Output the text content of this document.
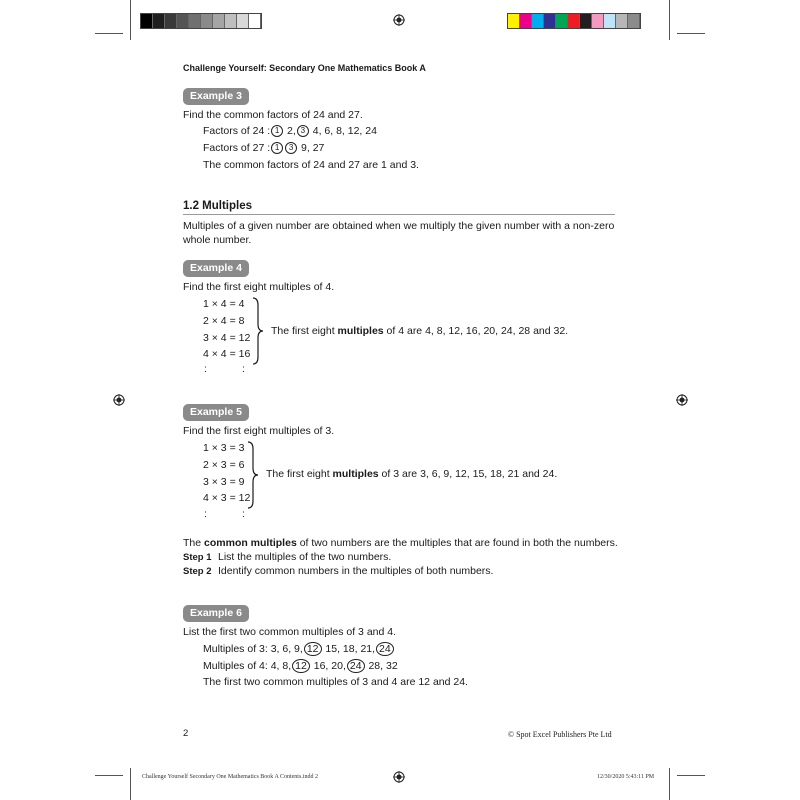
Challenge Yourself: Secondary One Mathematics Book A
Example 3
Find the common factors of 24 and 27.
Factors of 24 : 1 2, 3 4, 6, 8, 12, 24
Factors of 27 : 1 3 9, 27
The common factors of 24 and 27 are 1 and 3.
1.2 Multiples
Multiples of a given number are obtained when we multiply the given number with a non-zero
whole number.
Example 4
Find the first eight multiples of 4.
1 × 4 = 4
2 × 4 = 8
3 × 4 = 12
4 × 4 = 16
:	:
The first eight multiples of 4 are 4, 8, 12, 16, 20, 24, 28 and 32.
Example 5
Find the first eight multiples of 3.
1 × 3 = 3
2 × 3 = 6
3 × 3 = 9
4 × 3 = 12
:	:
The first eight multiples of 3 are 3, 6, 9, 12, 15, 18, 21 and 24.
The common multiples of two numbers are the multiples that are found in both the numbers.
Step 1 List the multiples of the two numbers.
Step 2 Identify common numbers in the multiples of both numbers.
Example 6
List the first two common multiples of 3 and 4.
Multiples of 3: 3, 6, 9, 12 15, 18, 21, 24
Multiples of 4: 4, 8, 12 16, 20, 24 28, 32
The first two common multiples of 3 and 4 are 12 and 24.
2	© Spot Excel Publishers Pte Ltd
Challenge Yourself Secondary One Mathematics Book A Contents.indd 2	12/30/2020 5:43:11 PM
